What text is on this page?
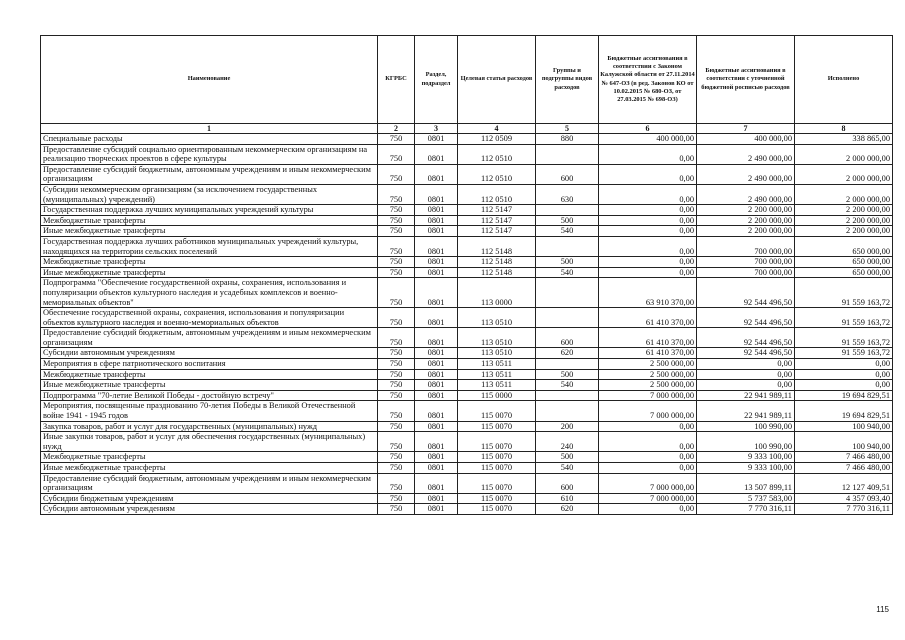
Наименование	КГРБС	Раздел, подраздел	Целевая статья расходов	Группы и подгруппы видов расходов	Бюджетные ассигнования в соответствии с Законом Калужской области от 27.11.2014 № 647-ОЗ (в ред. Законов КО от 10.02.2015 № 680-ОЗ, от 27.03.2015 № 698-ОЗ)	Бюджетные ассигнования в соответствии с уточненной бюджетной росписью расходов	Исполнено
1	2	3	4	5	6	7	8
Специальные расходы	750	0801	112 0509	880	400 000,00	400 000,00	338 865,00
Предоставление субсидий социально ориентированным некоммерческим организациям на реализацию творческих проектов в сфере культуры	750	0801	112 0510		0,00	2 490 000,00	2 000 000,00
Предоставление субсидий бюджетным, автономным учреждениям и иным некоммерческим организациям	750	0801	112 0510	600	0,00	2 490 000,00	2 000 000,00
Субсидии некоммерческим организациям (за исключением государственных (муниципальных) учреждений)	750	0801	112 0510	630	0,00	2 490 000,00	2 000 000,00
Государственная поддержка лучших муниципальных учреждений культуры	750	0801	112 5147		0,00	2 200 000,00	2 200 000,00
Межбюджетные трансферты	750	0801	112 5147	500	0,00	2 200 000,00	2 200 000,00
Иные межбюджетные трансферты	750	0801	112 5147	540	0,00	2 200 000,00	2 200 000,00
Государственная поддержка лучших работников муниципальных учреждений культуры, находящихся на территории сельских поселений	750	0801	112 5148		0,00	700 000,00	650 000,00
Межбюджетные трансферты	750	0801	112 5148	500	0,00	700 000,00	650 000,00
Иные межбюджетные трансферты	750	0801	112 5148	540	0,00	700 000,00	650 000,00
Подпрограмма "Обеспечение государственной охраны, сохранения, использования и популяризации объектов культурного наследия и усадебных комплексов и военно-мемориальных объектов"	750	0801	113 0000		63 910 370,00	92 544 496,50	91 559 163,72
Обеспечение государственной охраны, сохранения, использования и популяризации объектов культурного наследия и военно-мемориальных объектов	750	0801	113 0510		61 410 370,00	92 544 496,50	91 559 163,72
Предоставление субсидий бюджетным, автономным учреждениям и иным некоммерческим организациям	750	0801	113 0510	600	61 410 370,00	92 544 496,50	91 559 163,72
Субсидии автономным учреждениям	750	0801	113 0510	620	61 410 370,00	92 544 496,50	91 559 163,72
Мероприятия в сфере патриотического воспитания	750	0801	113 0511		2 500 000,00	0,00	0,00
Межбюджетные трансферты	750	0801	113 0511	500	2 500 000,00	0,00	0,00
Иные межбюджетные трансферты	750	0801	113 0511	540	2 500 000,00	0,00	0,00
Подпрограмма "70-летие Великой Победы - достойную встречу"	750	0801	115 0000		7 000 000,00	22 941 989,11	19 694 829,51
Мероприятия, посвященные празднованию 70-летия Победы в Великой Отечественной войне 1941 - 1945 годов	750	0801	115 0070		7 000 000,00	22 941 989,11	19 694 829,51
Закупка товаров, работ и услуг для государственных (муниципальных) нужд	750	0801	115 0070	200	0,00	100 990,00	100 940,00
Иные закупки товаров, работ и услуг для обеспечения государственных (муниципальных) нужд	750	0801	115 0070	240	0,00	100 990,00	100 940,00
Межбюджетные трансферты	750	0801	115 0070	500	0,00	9 333 100,00	7 466 480,00
Иные межбюджетные трансферты	750	0801	115 0070	540	0,00	9 333 100,00	7 466 480,00
Предоставление субсидий бюджетным, автономным учреждениям и иным некоммерческим организациям	750	0801	115 0070	600	7 000 000,00	13 507 899,11	12 127 409,51
Субсидии бюджетным учреждениям	750	0801	115 0070	610	7 000 000,00	5 737 583,00	4 357 093,40
Субсидии автономным учреждениям	750	0801	115 0070	620	0,00	7 770 316,11	7 770 316,11
115
